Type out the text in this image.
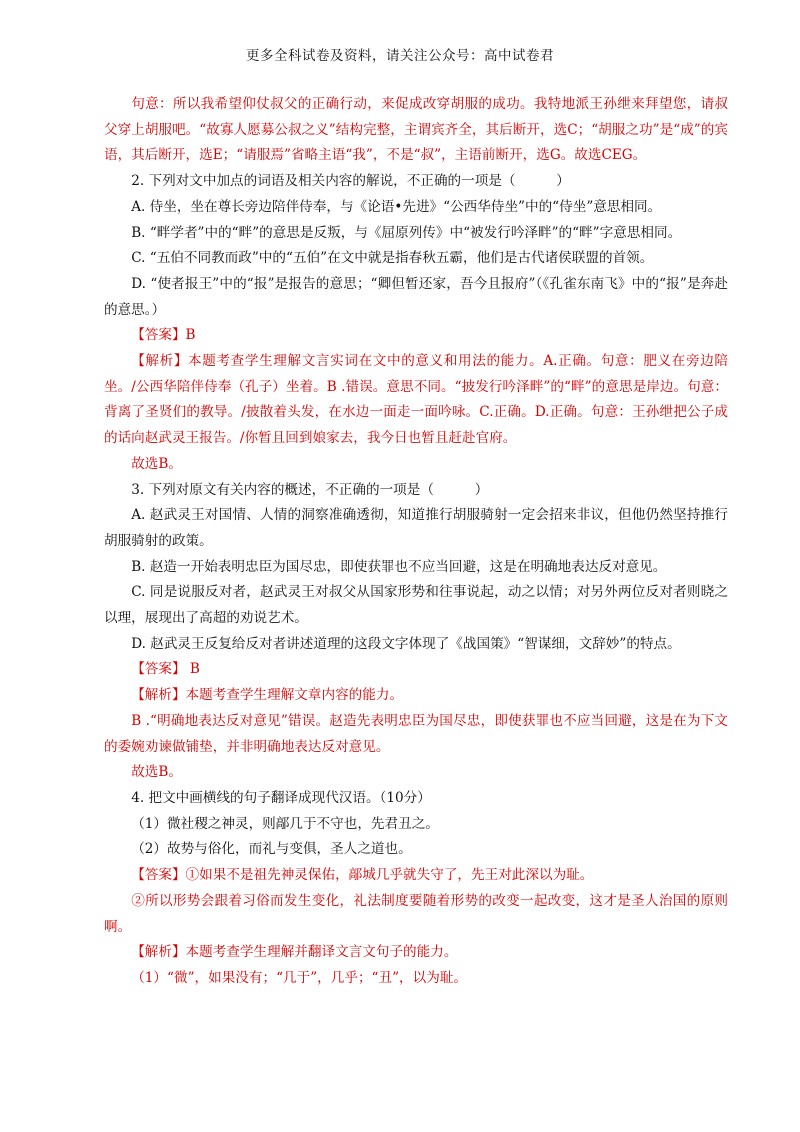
更多全科试卷及资料，请关注公众号：高中试卷君

句意：所以我希望仰仗叔父的正确行动，来促成改穿胡服的成功。我特地派王孙绁来拜望您，请叔父穿上胡服吧。“故寡人愿募公叔之义”结构完整，主谓宾齐全，其后断开，选C；“胡服之功”是“成”的宾语，其后断开，选E；“请服焉”省略主语“我”，不是“叔”，主语前断开，选G。故选CEG。

2. 下列对文中加点的词语及相关内容的解说，不正确的一项是（　　　）

A. 侍坐，坐在尊长旁边陪伴侍奉，与《论语•先进》“公西华侍坐”中的“侍坐”意思相同。

B. “畔学者”中的“畔”的意思是反叛，与《屈原列传》中“被发行吟泽畔”的“畔”字意思相同。

C. “五伯不同教而政”中的“五伯”在文中就是指春秋五霸，他们是古代诸侯联盟的首领。

D. “使者报王”中的“报”是报告的意思；“卿但暂还家，吾今且报府”（《孔雀东南飞》中的“报”是奔赴的意思。）

【答案】B

【解析】本题考查学生理解文言实词在文中的意义和用法的能力。A.正确。句意：肥义在旁边陪坐。/公西华陪伴侍奉（孔子）坐着。B .错误。意思不同。“披发行吟泽畔”的“畔”的意思是岸边。句意：背离了圣贤们的教导。/披散着头发，在水边一面走一面吟咏。C.正确。D.正确。句意：王孙绁把公子成的话向赵武灵王报告。/你暂且回到娘家去，我今日也暂且赶赴官府。

故选B。

3. 下列对原文有关内容的概述，不正确的一项是（　　　）

A. 赵武灵王对国情、人情的洞察准确透彻，知道推行胡服骑射一定会招来非议，但他仍然坚持推行胡服骑射的政策。

B. 赵造一开始表明忠臣为国尽忠，即使获罪也不应当回避，这是在明确地表达反对意见。

C. 同是说服反对者，赵武灵王对叔父从国家形势和往事说起，动之以情；对另外两位反对者则晓之以理，展现出了高超的劝说艺术。

D. 赵武灵王反复给反对者讲述道理的这段文字体现了《战国策》“智谋细，文辞妙”的特点。

【答案】 B

【解析】本题考查学生理解文章内容的能力。

B .“明确地表达反对意见”错误。赵造先表明忠臣为国尽忠，即使获罪也不应当回避，这是在为下文的委婉劝谏做铺垫，并非明确地表达反对意见。

故选B。

4. 把文中画横线的句子翻译成现代汉语。（10分）

（1）微社稷之神灵，则鄗几于不守也，先君丑之。

（2）故势与俗化，而礼与变俱，圣人之道也。

【答案】①如果不是祖先神灵保佑，鄗城几乎就失守了，先王对此深以为耻。

②所以形势会跟着习俗而发生变化，礼法制度要随着形势的改变一起改变，这才是圣人治国的原则啊。

【解析】本题考查学生理解并翻译文言文句子的能力。

（1）“微”，如果没有；“几于”，几乎；“丑”，以为耻。
